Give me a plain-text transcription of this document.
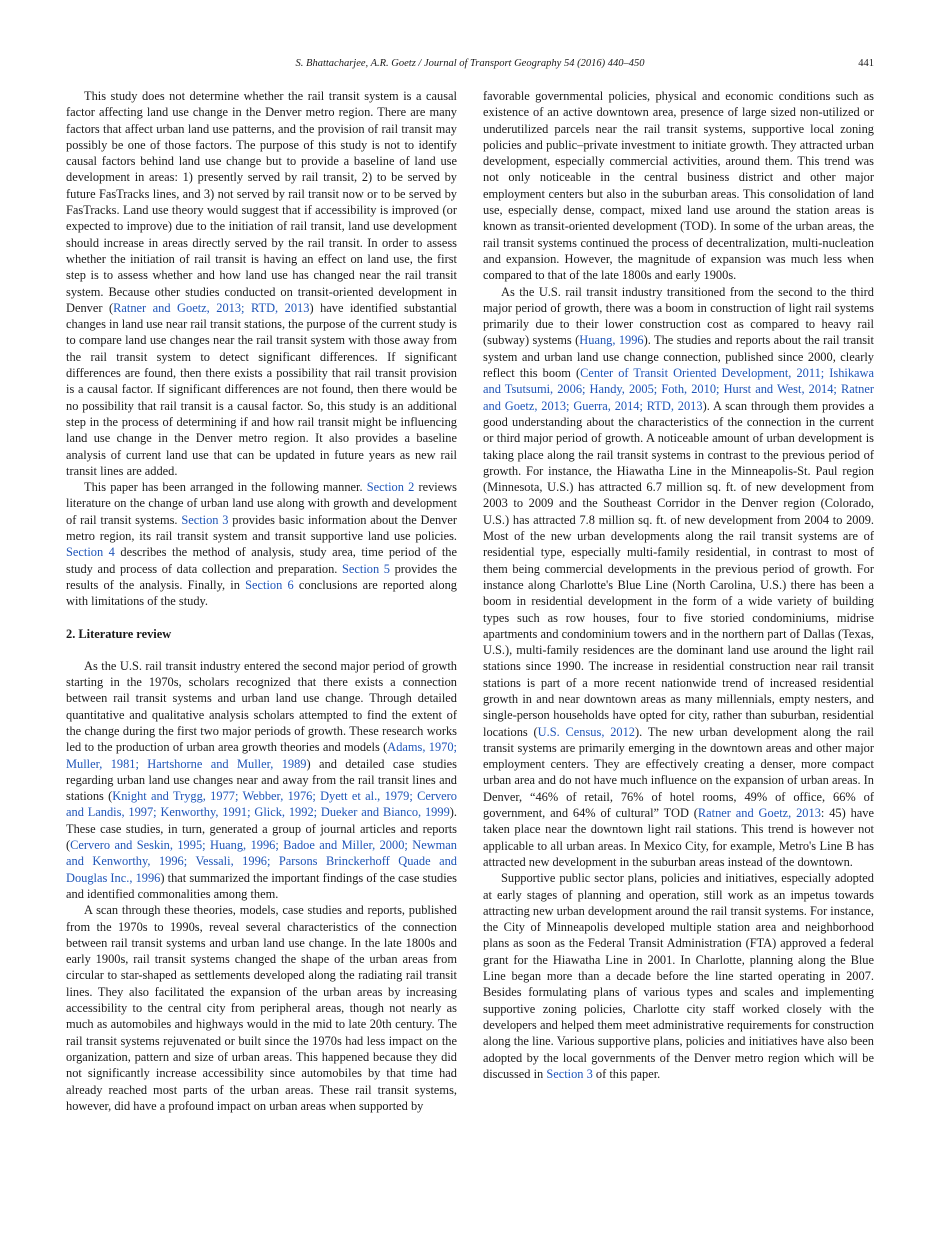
S. Bhattacharjee, A.R. Goetz / Journal of Transport Geography 54 (2016) 440–450	441

This study does not determine whether the rail transit system is a causal factor affecting land use change in the Denver metro region. There are many factors that affect urban land use patterns, and the provision of rail transit may possibly be one of those factors. The purpose of this study is not to identify causal factors behind land use change but to provide a baseline of land use development in areas: 1) presently served by rail transit, 2) to be served by future FasTracks lines, and 3) not served by rail transit now or to be served by FasTracks. Land use theory would suggest that if accessibility is improved (or expected to improve) due to the initiation of rail transit, land use development should increase in areas directly served by the rail transit. In order to assess whether the initiation of rail transit is having an effect on land use, the first step is to assess whether and how land use has changed near the rail transit system. Because other studies conducted on transit-oriented development in Denver (Ratner and Goetz, 2013; RTD, 2013) have identified substantial changes in land use near rail transit stations, the purpose of the current study is to compare land use changes near the rail transit system with those away from the rail transit system to detect significant differences. If significant differences are found, then there exists a possibility that rail transit provision is a causal factor. If significant differences are not found, then there would be no possibility that rail transit is a causal factor. So, this study is an additional step in the process of determining if and how rail transit might be influencing land use change in the Denver metro region. It also provides a baseline analysis of current land use that can be updated in future years as new rail transit lines are added.

This paper has been arranged in the following manner. Section 2 reviews literature on the change of urban land use along with growth and development of rail transit systems. Section 3 provides basic information about the Denver metro region, its rail transit system and transit supportive land use policies. Section 4 describes the method of analysis, study area, time period of the study and process of data collection and preparation. Section 5 provides the results of the analysis. Finally, in Section 6 conclusions are reported along with limitations of the study.

2. Literature review

As the U.S. rail transit industry entered the second major period of growth starting in the 1970s, scholars recognized that there exists a connection between rail transit systems and urban land use change. Through detailed quantitative and qualitative analysis scholars attempted to find the extent of the change during the first two major periods of growth. These research works led to the production of urban area growth theories and models (Adams, 1970; Muller, 1981; Hartshorne and Muller, 1989) and detailed case studies regarding urban land use changes near and away from the rail transit lines and stations (Knight and Trygg, 1977; Webber, 1976; Dyett et al., 1979; Cervero and Landis, 1997; Kenworthy, 1991; Glick, 1992; Dueker and Bianco, 1999). These case studies, in turn, generated a group of journal articles and reports (Cervero and Seskin, 1995; Huang, 1996; Badoe and Miller, 2000; Newman and Kenworthy, 1996; Vessali, 1996; Parsons Brinckerhoff Quade and Douglas Inc., 1996) that summarized the important findings of the case studies and identified commonalities among them.

A scan through these theories, models, case studies and reports, published from the 1970s to 1990s, reveal several characteristics of the connection between rail transit systems and urban land use change. In the late 1800s and early 1900s, rail transit systems changed the shape of the urban areas from circular to star-shaped as settlements developed along the radiating rail transit lines. They also facilitated the expansion of the urban areas by increasing accessibility to the central city from peripheral areas, though not nearly as much as automobiles and highways would in the mid to late 20th century. The rail transit systems rejuvenated or built since the 1970s had less impact on the organization, pattern and size of urban areas. This happened because they did not significantly increase accessibility since automobiles by that time had already reached most parts of the urban areas. These rail transit systems, however, did have a profound impact on urban areas when supported by

favorable governmental policies, physical and economic conditions such as existence of an active downtown area, presence of large sized non-utilized or underutilized parcels near the rail transit systems, supportive local zoning policies and public–private investment to initiate growth. They attracted urban development, especially commercial activities, around them. This trend was not only noticeable in the central business district and other major employment centers but also in the suburban areas. This consolidation of land use, especially dense, compact, mixed land use around the station areas is known as transit-oriented development (TOD). In some of the urban areas, the rail transit systems continued the process of decentralization, multi-nucleation and expansion. However, the magnitude of expansion was much less when compared to that of the late 1800s and early 1900s.

As the U.S. rail transit industry transitioned from the second to the third major period of growth, there was a boom in construction of light rail systems primarily due to their lower construction cost as compared to heavy rail (subway) systems (Huang, 1996). The studies and reports about the rail transit system and urban land use change connection, published since 2000, clearly reflect this boom (Center of Transit Oriented Development, 2011; Ishikawa and Tsutsumi, 2006; Handy, 2005; Foth, 2010; Hurst and West, 2014; Ratner and Goetz, 2013; Guerra, 2014; RTD, 2013). A scan through them provides a good understanding about the characteristics of the connection in the current or third major period of growth. A noticeable amount of urban development is taking place along the rail transit systems in contrast to the previous period of growth. For instance, the Hiawatha Line in the Minneapolis-St. Paul region (Minnesota, U.S.) has attracted 6.7 million sq. ft. of new development from 2003 to 2009 and the Southeast Corridor in the Denver region (Colorado, U.S.) has attracted 7.8 million sq. ft. of new development from 2004 to 2009. Most of the new urban developments along the rail transit systems are of residential type, especially multi-family residential, in contrast to most of them being commercial developments in the previous period of growth. For instance along Charlotte's Blue Line (North Carolina, U.S.) there has been a boom in residential development in the form of a wide variety of building types such as row houses, four to five storied condominiums, midrise apartments and condominium towers and in the northern part of Dallas (Texas, U.S.), multi-family residences are the dominant land use around the light rail stations since 1990. The increase in residential construction near rail transit stations is part of a more recent nationwide trend of increased residential growth in and near downtown areas as many millennials, empty nesters, and single-person households have opted for city, rather than suburban, residential locations (U.S. Census, 2012). The new urban development along the rail transit systems are primarily emerging in the downtown areas and other major employment centers. They are effectively creating a denser, more compact urban area and do not have much influence on the expansion of urban areas. In Denver, “46% of retail, 76% of hotel rooms, 49% of office, 66% of government, and 64% of cultural” TOD (Ratner and Goetz, 2013: 45) have taken place near the downtown light rail stations. This trend is however not applicable to all urban areas. In Mexico City, for example, Metro's Line B has attracted new development in the suburban areas instead of the downtown.

Supportive public sector plans, policies and initiatives, especially adopted at early stages of planning and operation, still work as an impetus towards attracting new urban development around the rail transit systems. For instance, the City of Minneapolis developed multiple station area and neighborhood plans as soon as the Federal Transit Administration (FTA) approved a federal grant for the Hiawatha Line in 2001. In Charlotte, planning along the Blue Line began more than a decade before the line started operating in 2007. Besides formulating plans of various types and scales and implementing supportive zoning policies, Charlotte city staff worked closely with the developers and helped them meet administrative requirements for construction along the line. Various supportive plans, policies and initiatives have also been adopted by the local governments of the Denver metro region which will be discussed in Section 3 of this paper.
